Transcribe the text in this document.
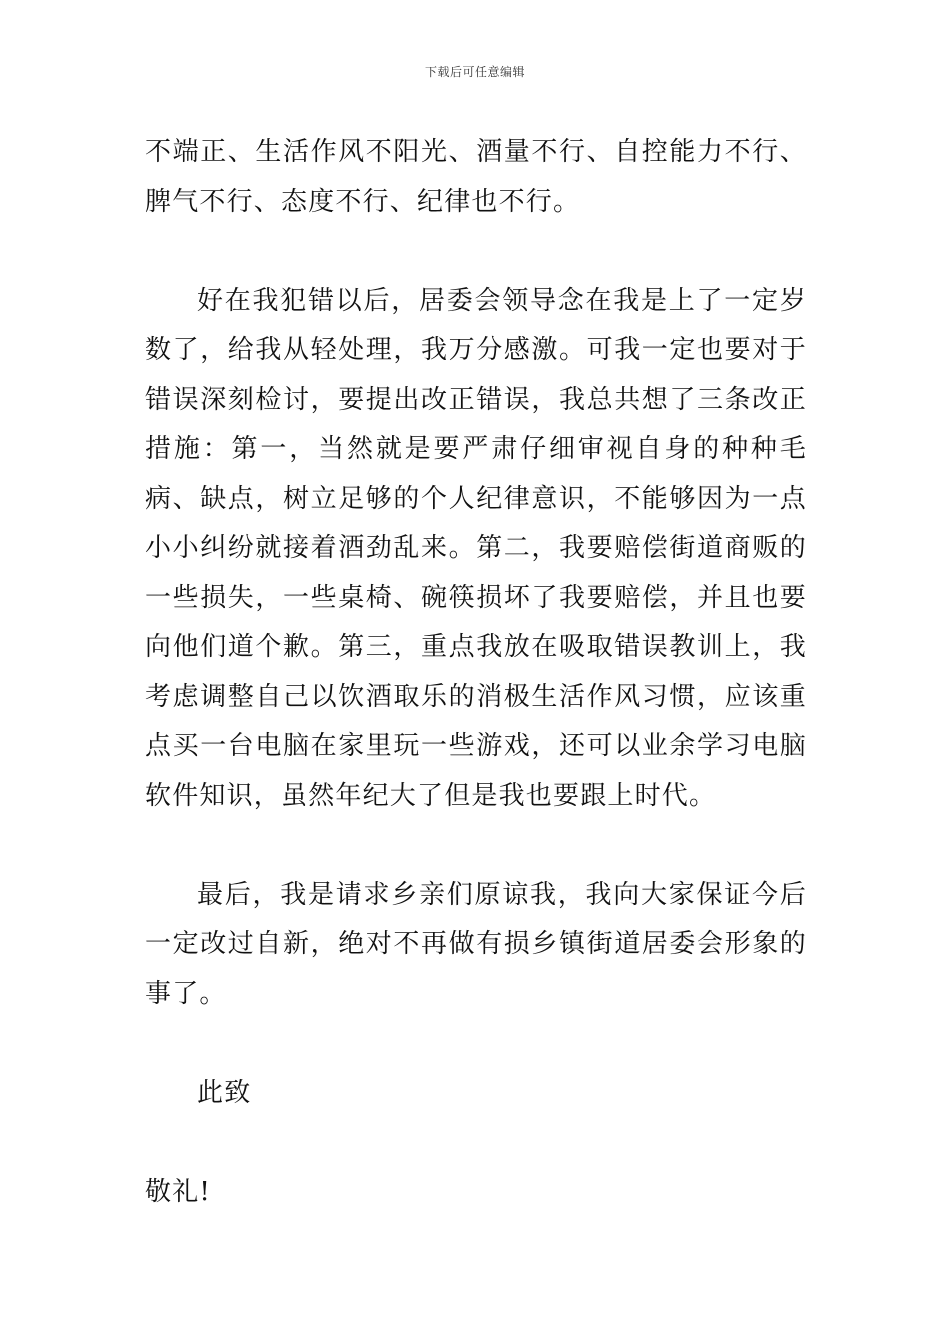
下载后可任意编辑

不端正、生活作风不阳光、酒量不行、自控能力不行、脾气不行、态度不行、纪律也不行。

好在我犯错以后，居委会领导念在我是上了一定岁数了，给我从轻处理，我万分感激。可我一定也要对于错误深刻检讨，要提出改正错误，我总共想了三条改正措施：第一，当然就是要严肃仔细审视自身的种种毛病、缺点，树立足够的个人纪律意识，不能够因为一点小小纠纷就接着酒劲乱来。第二，我要赔偿街道商贩的一些损失，一些桌椅、碗筷损坏了我要赔偿，并且也要向他们道个歉。第三，重点我放在吸取错误教训上，我考虑调整自己以饮酒取乐的消极生活作风习惯，应该重点买一台电脑在家里玩一些游戏，还可以业余学习电脑软件知识，虽然年纪大了但是我也要跟上时代。

最后，我是请求乡亲们原谅我，我向大家保证今后一定改过自新，绝对不再做有损乡镇街道居委会形象的事了。

此致

敬礼!
